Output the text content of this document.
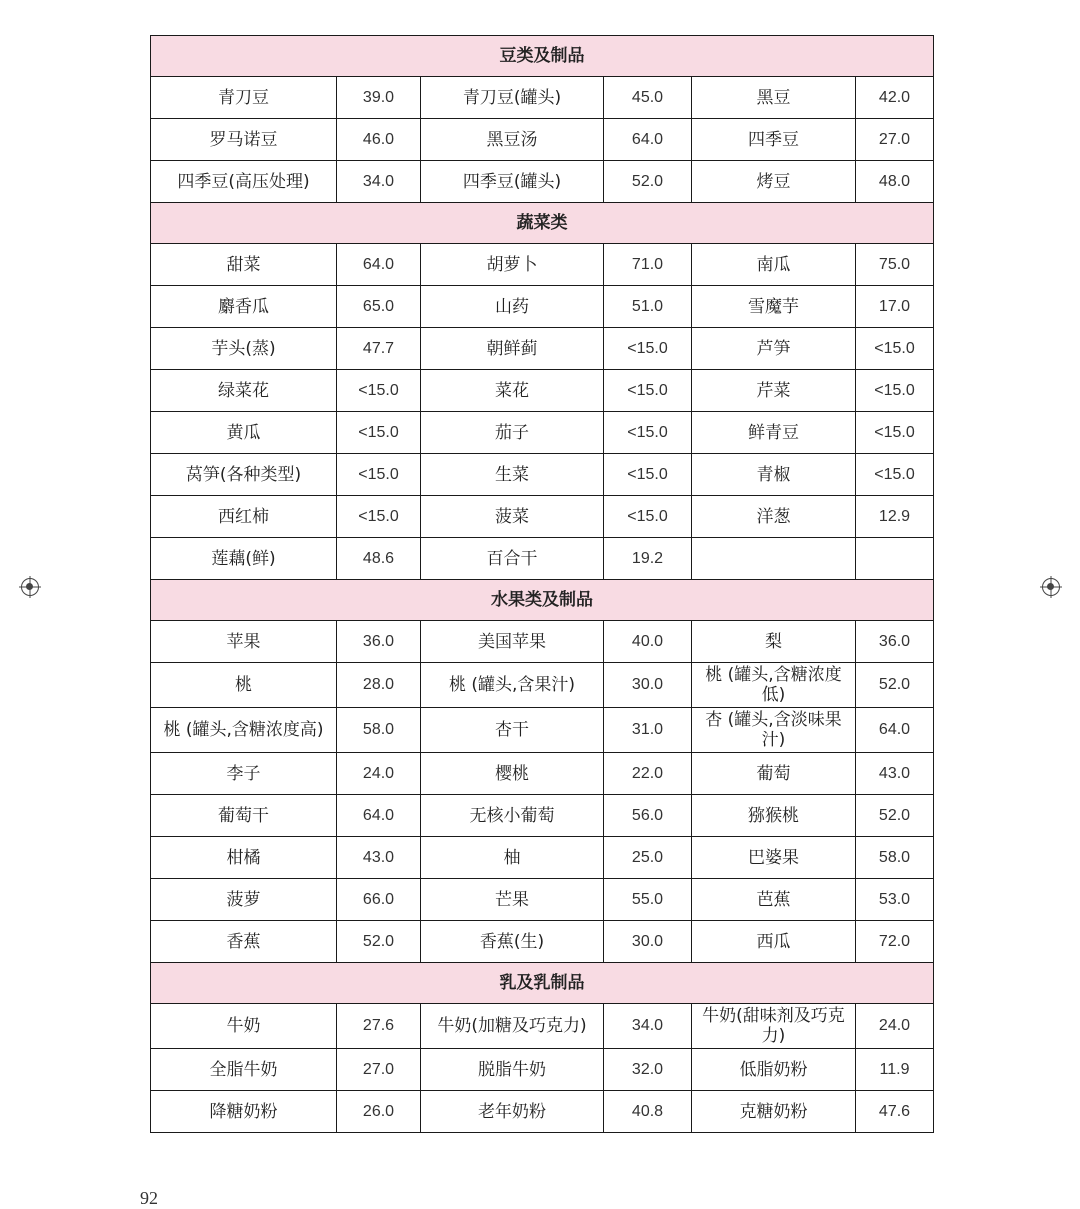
豆类及制品					
青刀豆	39.0	青刀豆(罐头)	45.0	黑豆	42.0
罗马诺豆	46.0	黑豆汤	64.0	四季豆	27.0
四季豆(高压处理)	34.0	四季豆(罐头)	52.0	烤豆	48.0
蔬菜类					
甜菜	64.0	胡萝卜	71.0	南瓜	75.0
麝香瓜	65.0	山药	51.0	雪魔芋	17.0
芋头(蒸)	47.7	朝鲜蓟	<15.0	芦笋	<15.0
绿菜花	<15.0	菜花	<15.0	芹菜	<15.0
黄瓜	<15.0	茄子	<15.0	鲜青豆	<15.0
莴笋(各种类型)	<15.0	生菜	<15.0	青椒	<15.0
西红柿	<15.0	菠菜	<15.0	洋葱	12.9
莲藕(鲜)	48.6	百合干	19.2		
水果类及制品					
苹果	36.0	美国苹果	40.0	梨	36.0
桃	28.0	桃 (罐头,含果汁)	30.0	桃 (罐头,含糖浓度低)	52.0
桃 (罐头,含糖浓度高)	58.0	杏干	31.0	杏 (罐头,含淡味果汁)	64.0
李子	24.0	樱桃	22.0	葡萄	43.0
葡萄干	64.0	无核小葡萄	56.0	猕猴桃	52.0
柑橘	43.0	柚	25.0	巴婆果	58.0
菠萝	66.0	芒果	55.0	芭蕉	53.0
香蕉	52.0	香蕉(生)	30.0	西瓜	72.0
乳及乳制品					
牛奶	27.6	牛奶(加糖及巧克力)	34.0	牛奶(甜味剂及巧克力)	24.0
全脂牛奶	27.0	脱脂牛奶	32.0	低脂奶粉	11.9
降糖奶粉	26.0	老年奶粉	40.8	克糖奶粉	47.6
92
